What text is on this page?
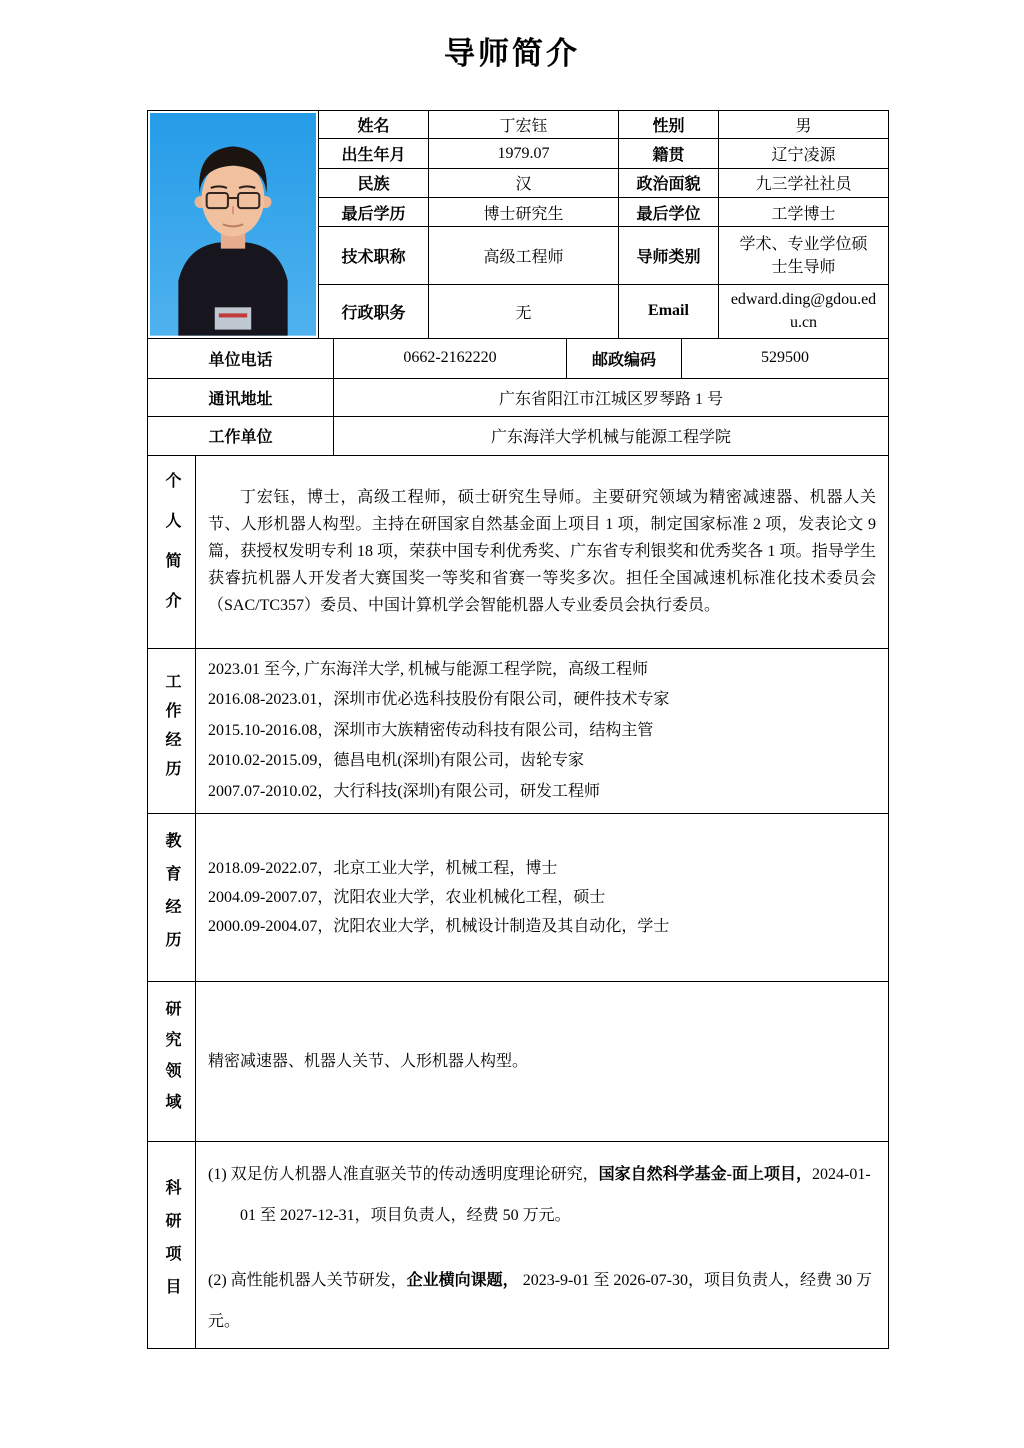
导师简介
	姓名	丁宏钰	性别	男
	出生年月	1979.07	籍贯	辽宁凌源
	民族	汉	政治面貌	九三学社社员
	最后学历	博士研究生	最后学位	工学博士
	技术职称	高级工程师	导师类别	学术、专业学位硕士生导师
	行政职务	无	Email	edward.ding@gdou.edu.cn
单位电话	0662-2162220	邮政编码	529500
通讯地址	广东省阳江市江城区罗琴路 1 号		
工作单位	广东海洋大学机械与能源工程学院		
个人简介	丁宏钰，博士，高级工程师，硕士研究生导师。主要研究领域为精密减速器、机器人关节、人形机器人构型。主持在研国家自然基金面上项目 1 项，制定国家标准 2 项，发表论文 9 篇，获授权发明专利 18 项，荣获中国专利优秀奖、广东省专利银奖和优秀奖各 1 项。指导学生获睿抗机器人开发者大赛国奖一等奖和省赛一等奖多次。担任全国减速机标准化技术委员会（SAC/TC357）委员、中国计算机学会智能机器人专业委员会执行委员。

工作经历	2023.01 至今, 广东海洋大学, 机械与能源工程学院，高级工程师

2016.08-2023.01，深圳市优必选科技股份有限公司，硬件技术专家

2015.10-2016.08，深圳市大族精密传动科技有限公司，结构主管

2010.02-2015.09，德昌电机(深圳)有限公司，齿轮专家

2007.07-2010.02，大行科技(深圳)有限公司，研发工程师

教育经历	2018.09-2022.07，北京工业大学，机械工程，博士

2004.09-2007.07，沈阳农业大学，农业机械化工程，硕士

2000.09-2004.07，沈阳农业大学，机械设计制造及其自动化，学士

研究领域	精密减速器、机器人关节、人形机器人构型。

科研项目	(1) 双足仿人机器人准直驱关节的传动透明度理论研究，国家自然科学基金-面上项目，2024-01-01 至 2027-12-31，项目负责人，经费 50 万元。

(2) 高性能机器人关节研发，企业横向课题， 2023-9-01 至 2026-07-30，项目负责人，经费 30 万元。
